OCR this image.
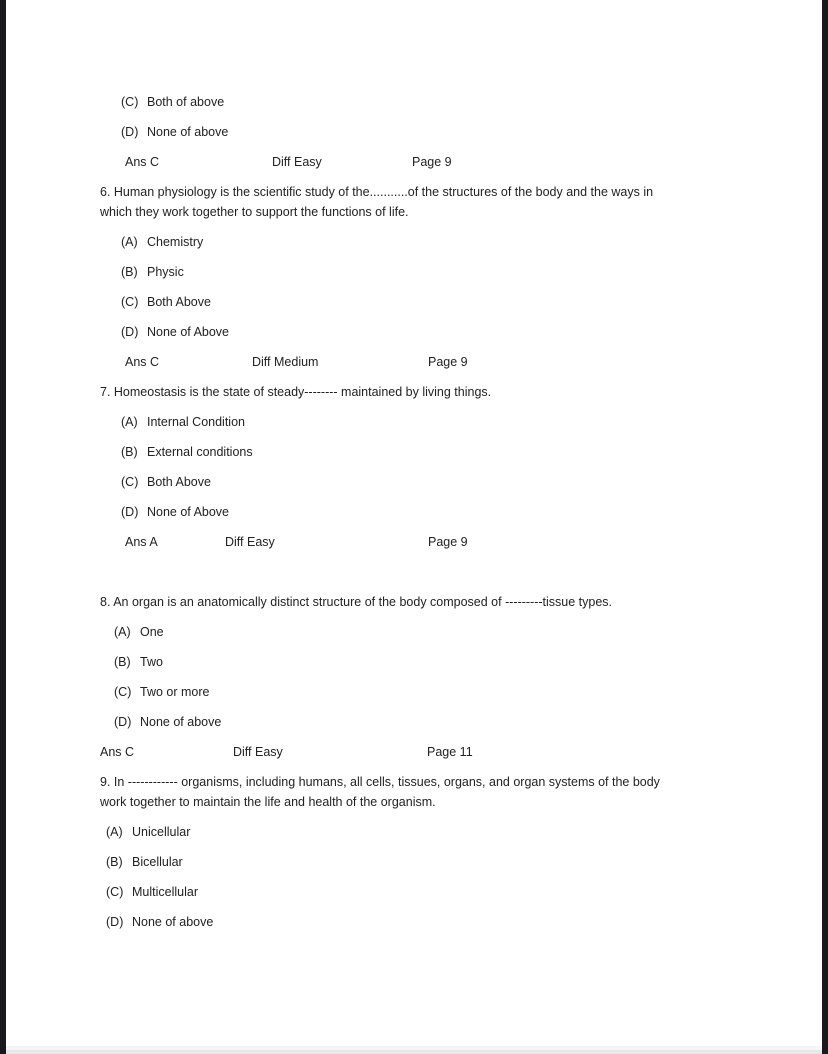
(C) Both of above
(D) None of above
Ans C	Diff Easy	Page 9
6. Human physiology is the scientific study of the...........of the structures of the body and the ways in
which they work together to support the functions of life.
(A) Chemistry
(B) Physic
(C) Both Above
(D) None of Above
Ans C	Diff Medium	Page 9
7. Homeostasis is the state of steady-------- maintained by living things.
(A) Internal Condition
(B) External conditions
(C) Both Above
(D) None of Above
Ans A	Diff Easy	Page 9
8. An organ is an anatomically distinct structure of the body composed of ---------tissue types.
(A) One
(B) Two
(C) Two or more
(D) None of above
Ans C	Diff Easy	Page 11
9. In ------------ organisms, including humans, all cells, tissues, organs, and organ systems of the body
work together to maintain the life and health of the organism.
(A) Unicellular
(B) Bicellular
(C) Multicellular
(D) None of above
